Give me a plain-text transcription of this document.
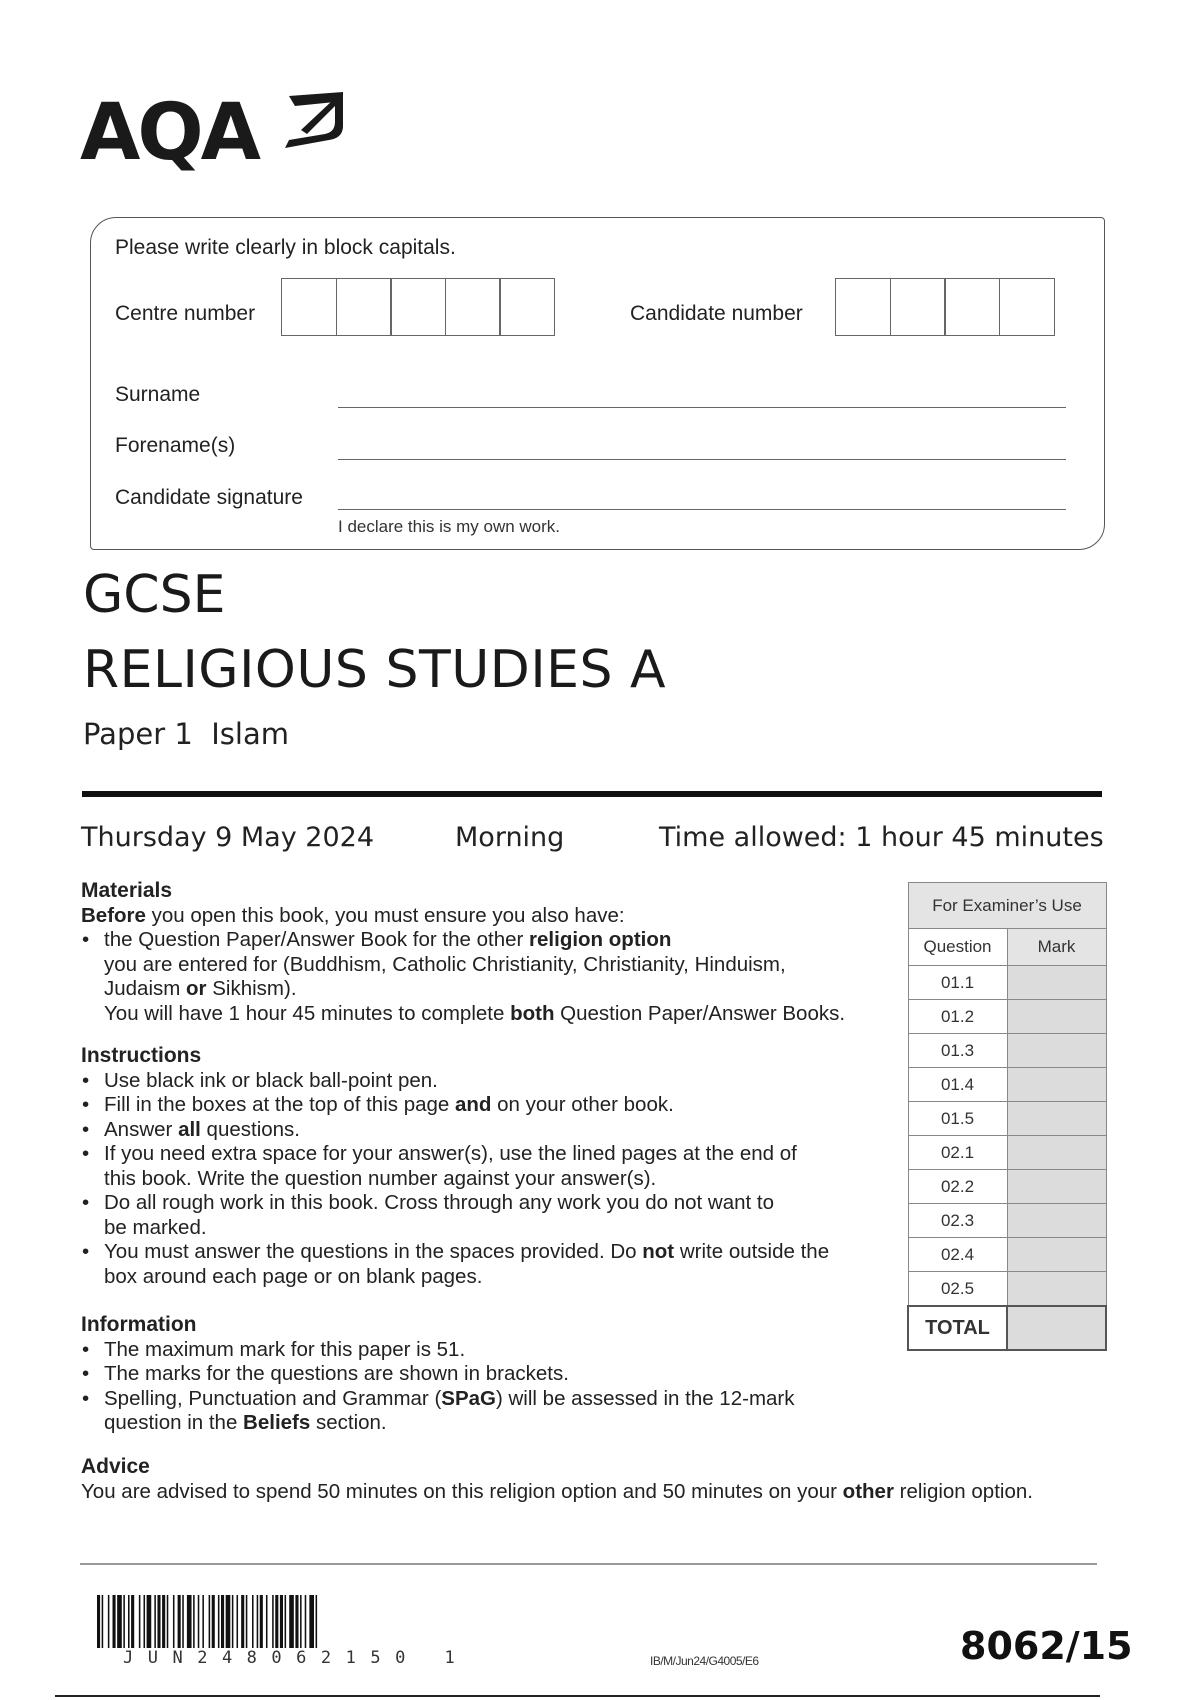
AQA
Please write clearly in block capitals.
Centre number	Candidate number
Surname
Forename(s)
Candidate signature
I declare this is my own work.
GCSE
RELIGIOUS STUDIES A
Paper 1  Islam
Thursday 9 May 2024	Morning	Time allowed: 1 hour 45 minutes
Materials

Before you open this book, you must ensure you also have:

• the Question Paper/Answer Book for the other religion option
you are entered for (Buddhism, Catholic Christianity, Christianity, Hinduism,
Judaism or Sikhism).
You will have 1 hour 45 minutes to complete both Question Paper/Answer Books.
Instructions
• Use black ink or black ball-point pen.
• Fill in the boxes at the top of this page and on your other book.
• Answer all questions.
• If you need extra space for your answer(s), use the lined pages at the end of
this book. Write the question number against your answer(s).
• Do all rough work in this book. Cross through any work you do not want to
be marked.
• You must answer the questions in the spaces provided. Do not write outside the
box around each page or on blank pages.
Information
• The maximum mark for this paper is 51.
• The marks for the questions are shown in brackets.
• Spelling, Punctuation and Grammar (SPaG) will be assessed in the 12-mark
question in the Beliefs section.
Advice

You are advised to spend 50 minutes on this religion option and 50 minutes on your other religion option.

For Examiner’s Use	
Question	Mark
01.1	
01.2	
01.3	
01.4	
01.5	
02.1	
02.2	
02.3	
02.4	
02.5	
TOTAL	
JUN248062150 1	IB/M/Jun24/G4005/E6	8062/15
